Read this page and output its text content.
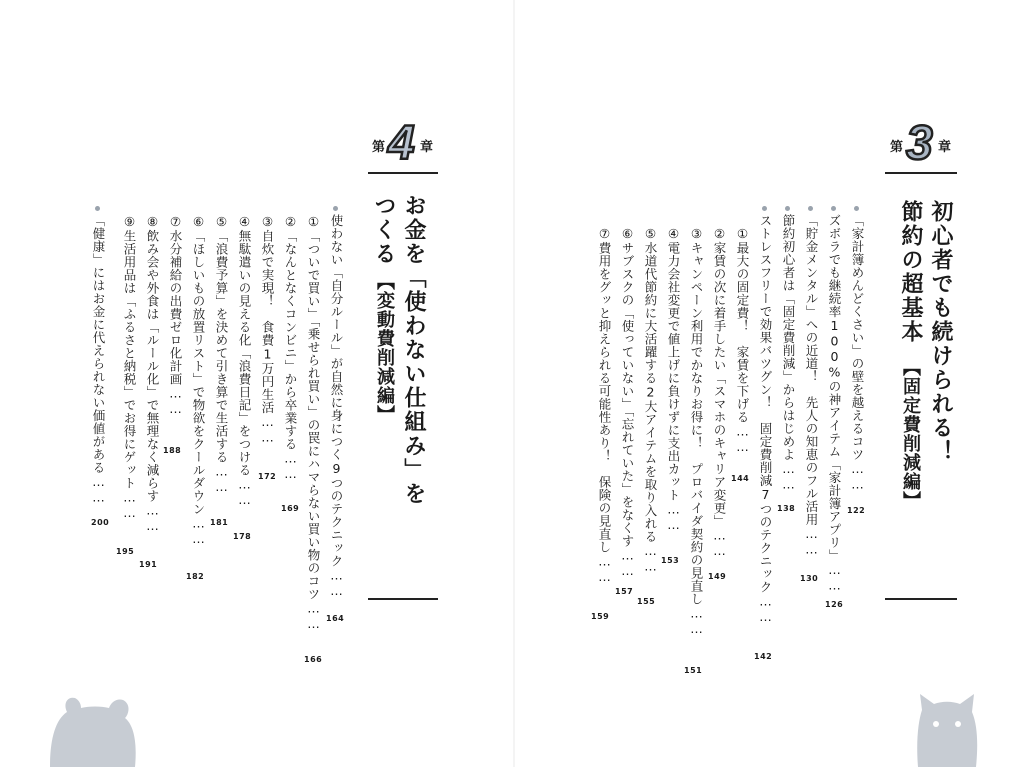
第 4 章
お金を「使わない仕組み」を
つくる
【変動費削減編】
使わない「自分ルール」が自然に身につく9つのテクニック……
164
①「ついで買い」「乗せられ買い」の罠にハマらない買い物のコツ……
166
②「なんとなくコンビニ」から卒業する……
169
③自炊で実現！　食費1万円生活……
172
④無駄遣いの見える化「浪費日記」をつける……
178
⑤「浪費予算」を決めて引き算で生活する……
181
⑥「ほしいもの放置リスト」で物欲をクールダウン……
182
⑦水分補給の出費ゼロ化計画……
188
⑧飲み会や外食は「ルール化」で無理なく減らす……
191
⑨生活用品は「ふるさと納税」でお得にゲット……
195
「健康」にはお金に代えられない価値がある……
200
第 3 章
初心者でも続けられる！
節約の超基本
【固定費削減編】
「家計簿めんどくさい」の壁を越えるコツ……
122
ズボラでも継続率100%の神アイテム「家計簿アプリ」……
126
「貯金メンタル」への近道！　先人の知恵のフル活用……
130
節約初心者は「固定費削減」からはじめよ……
138
ストレスフリーで効果バツグン！　固定費削減7つのテクニック……
142
①最大の固定費！　家賃を下げる……
144
②家賃の次に着手したい「スマホのキャリア変更」……
149
③キャンペーン利用でかなりお得に！　プロバイダ契約の見直し……
151
④電力会社変更で値上げに負けずに支出カット……
153
⑤水道代節約に大活躍する2大アイテムを取り入れる……
155
⑥サブスクの「使っていない」「忘れていた」をなくす……
157
⑦費用をグッと抑えられる可能性あり！　保険の見直し……
159
